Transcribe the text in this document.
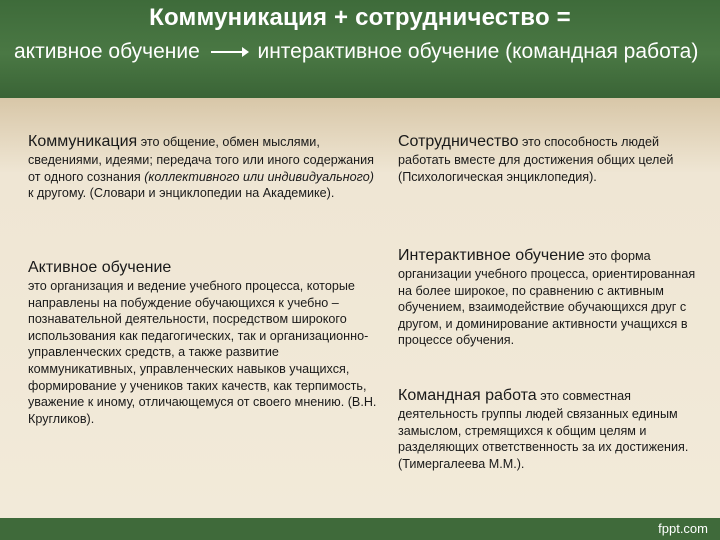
Коммуникация + сотрудничество =
активное обучение	интерактивное обучение (командная работа)
Коммуникация это общение, обмен мыслями, сведениями, идеями; передача того или иного содержания от одного сознания (коллективного или индивидуального) к другому. (Словари и энциклопедии на Академике).
Сотрудничество это способность людей работать вместе для достижения общих целей (Психологическая энциклопедия).
Активное обучение
это организация и ведение учебного процесса, которые направлены на побуждение обучающихся к учебно – познавательной деятельности, посредством широкого использования как педагогических, так и организационно-управленческих средств, а также развитие коммуникативных, управленческих навыков учащихся, формирование у учеников таких качеств, как терпимость, уважение к иному, отличающемуся от своего мнению. (В.Н. Кругликов).
Интерактивное обучение это форма организации учебного процесса, ориентированная на более широкое, по сравнению с активным обучением, взаимодействие обучающихся друг с другом, и доминирование активности учащихся в процессе обучения.
Командная работа это совместная деятельность группы людей связанных единым замыслом, стремящихся к общим целям и разделяющих ответственность за их достижения. (Тимергалеева М.М.).
fppt.com
